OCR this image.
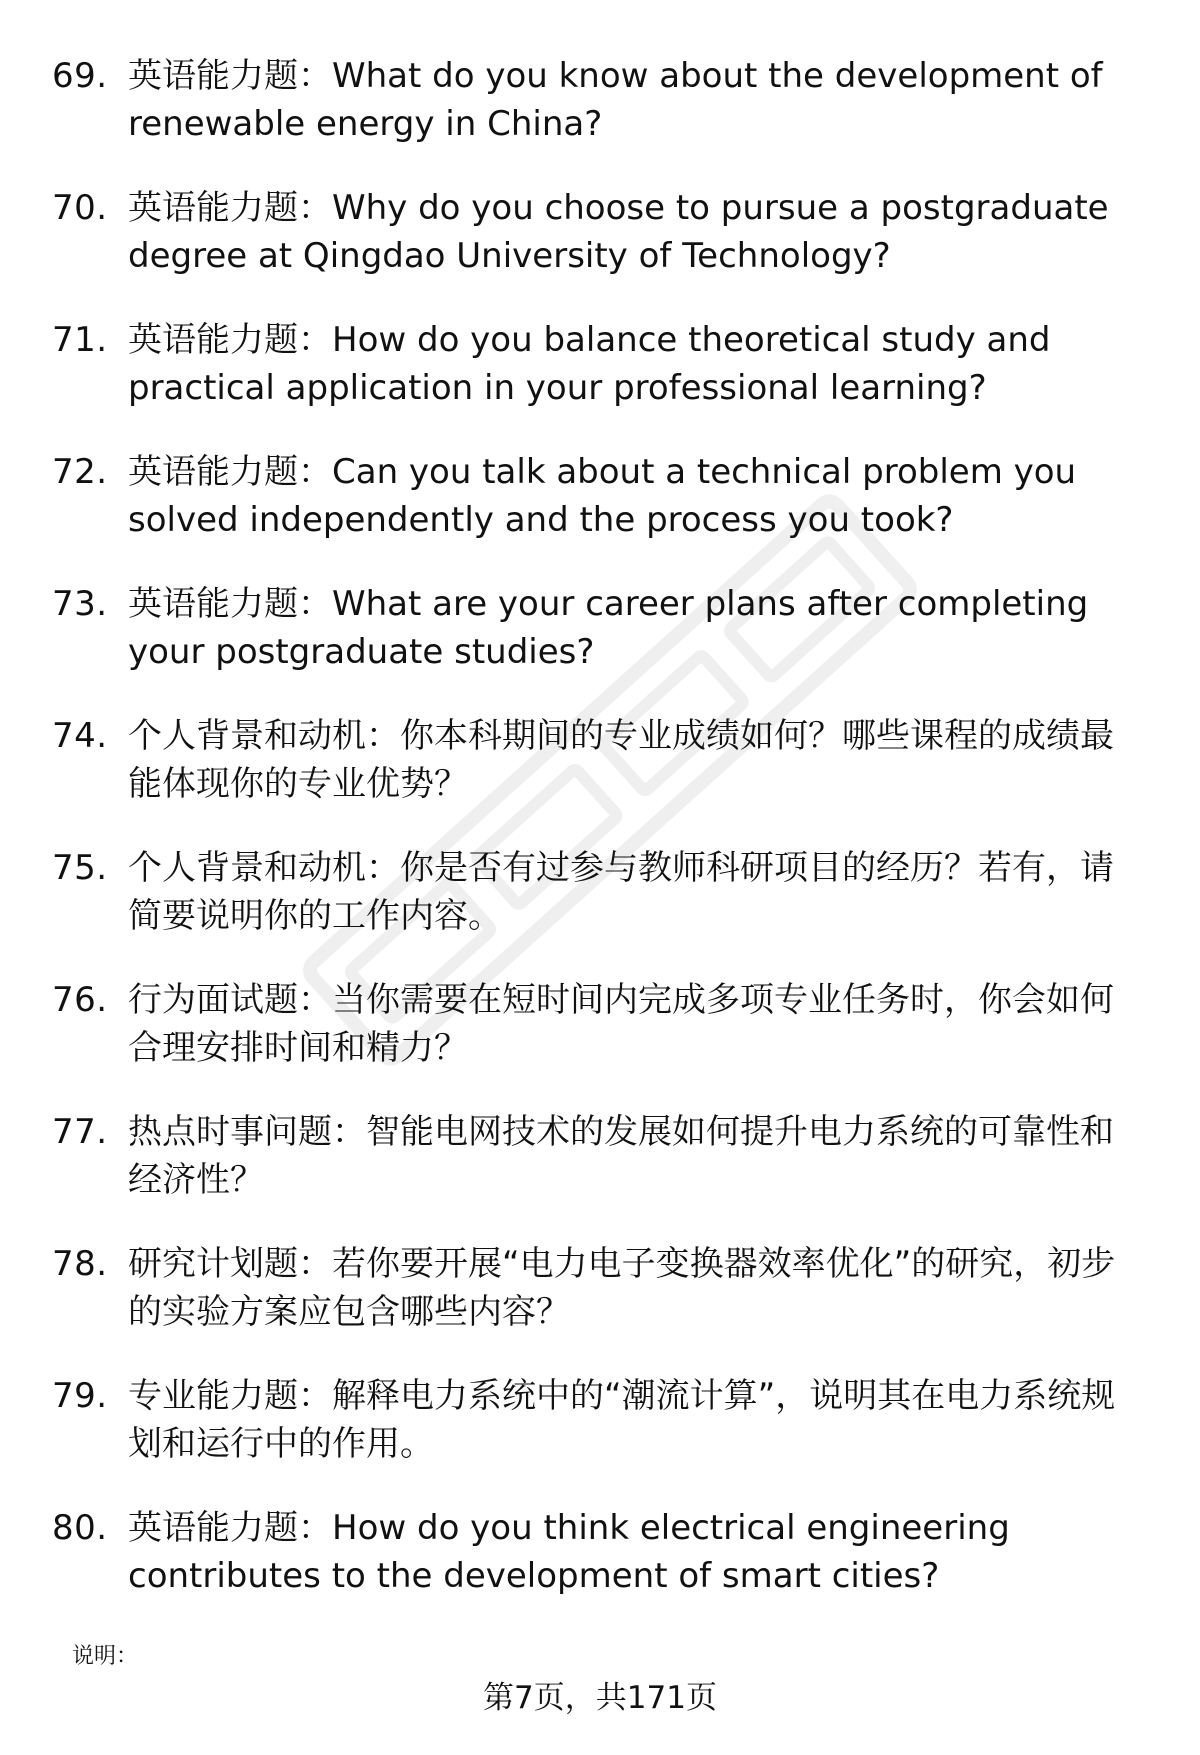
69. 英语能力题：What do you know about the development of renewable energy in China?
70. 英语能力题：Why do you choose to pursue a postgraduate degree at Qingdao University of Technology?
71. 英语能力题：How do you balance theoretical study and practical application in your professional learning?
72. 英语能力题：Can you talk about a technical problem you solved independently and the process you took?
73. 英语能力题：What are your career plans after completing your postgraduate studies?
74. 个人背景和动机：你本科期间的专业成绩如何？哪些课程的成绩最能体现你的专业优势？
75. 个人背景和动机：你是否有过参与教师科研项目的经历？若有，请简要说明你的工作内容。
76. 行为面试题：当你需要在短时间内完成多项专业任务时，你会如何合理安排时间和精力？
77. 热点时事问题：智能电网技术的发展如何提升电力系统的可靠性和经济性？
78. 研究计划题：若你要开展“电力电子变换器效率优化”的研究，初步的实验方案应包含哪些内容？
79. 专业能力题：解释电力系统中的“潮流计算”，说明其在电力系统规划和运行中的作用。
80. 英语能力题：How do you think electrical engineering contributes to the development of smart cities?
说明：
第7页，共171页
